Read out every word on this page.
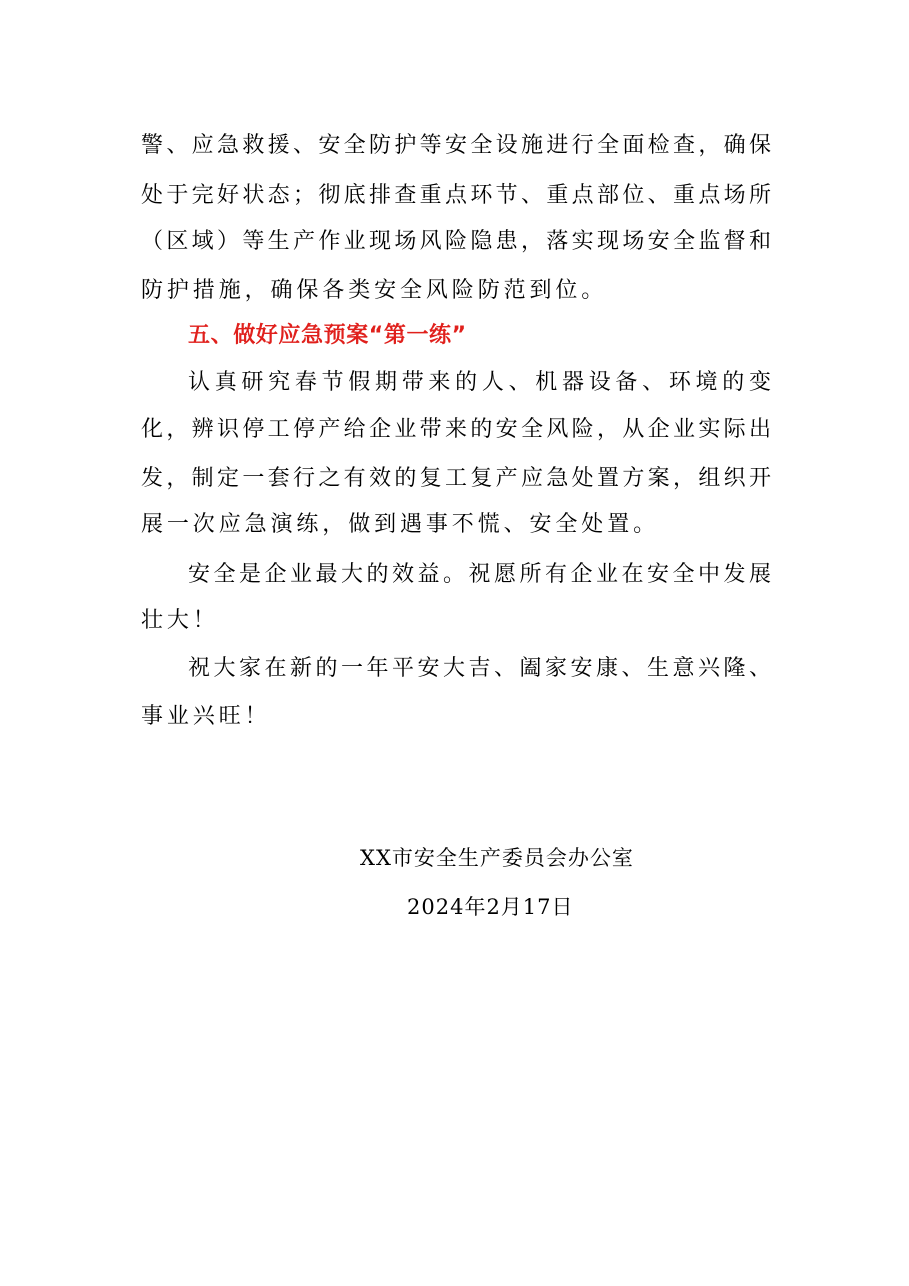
警、应急救援、安全防护等安全设施进行全面检查，确保
处于完好状态；彻底排查重点环节、重点部位、重点场所
（区域）等生产作业现场风险隐患，落实现场安全监督和
防护措施，确保各类安全风险防范到位。
五、做好应急预案“第一练”
认真研究春节假期带来的人、机器设备、环境的变
化，辨识停工停产给企业带来的安全风险，从企业实际出
发，制定一套行之有效的复工复产应急处置方案，组织开
展一次应急演练，做到遇事不慌、安全处置。
安全是企业最大的效益。祝愿所有企业在安全中发展
壮大！
祝大家在新的一年平安大吉、阖家安康、生意兴隆、
事业兴旺！
XX市安全生产委员会办公室
2024年2月17日
